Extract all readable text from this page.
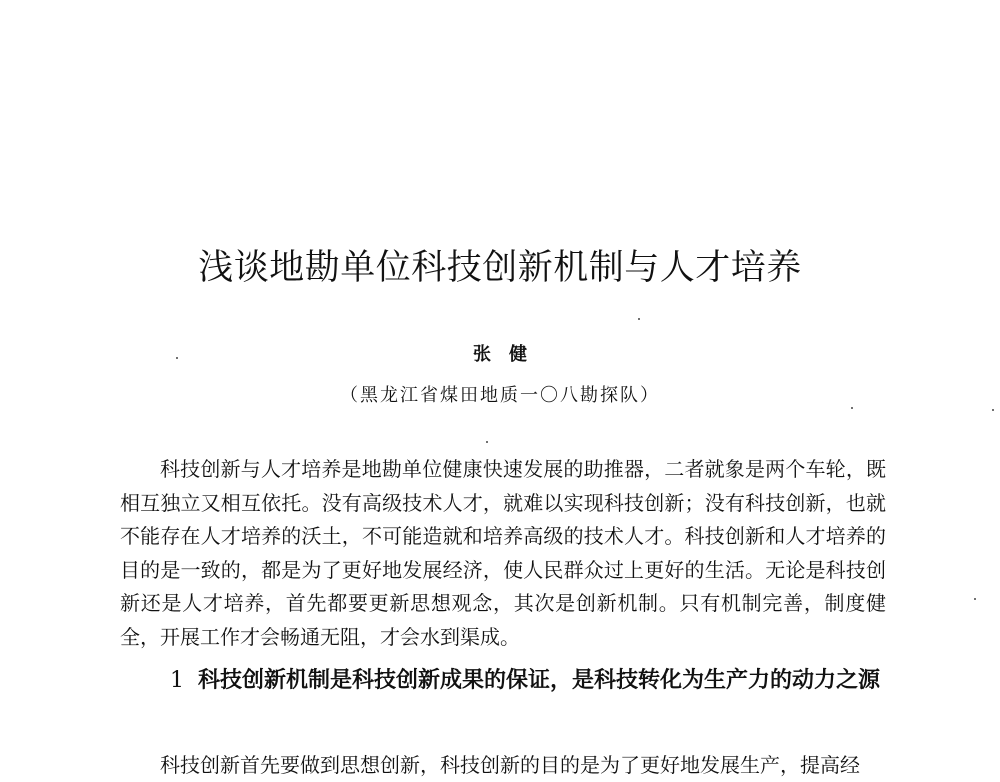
浅谈地勘单位科技创新机制与人才培养

张健

（黑龙江省煤田地质一〇八勘探队）

科技创新与人才培养是地勘单位健康快速发展的助推器，二者就象是两个车轮，既相互独立又相互依托。没有高级技术人才，就难以实现科技创新；没有科技创新，也就不能存在人才培养的沃土，不可能造就和培养高级的技术人才。科技创新和人才培养的目的是一致的，都是为了更好地发展经济，使人民群众过上更好的生活。无论是科技创新还是人才培养，首先都要更新思想观念，其次是创新机制。只有机制完善，制度健全，开展工作才会畅通无阻，才会水到渠成。

1 科技创新机制是科技创新成果的保证，是科技转化为生产力的动力之源

科技创新首先要做到思想创新，科技创新的目的是为了更好地发展生产，提高经
